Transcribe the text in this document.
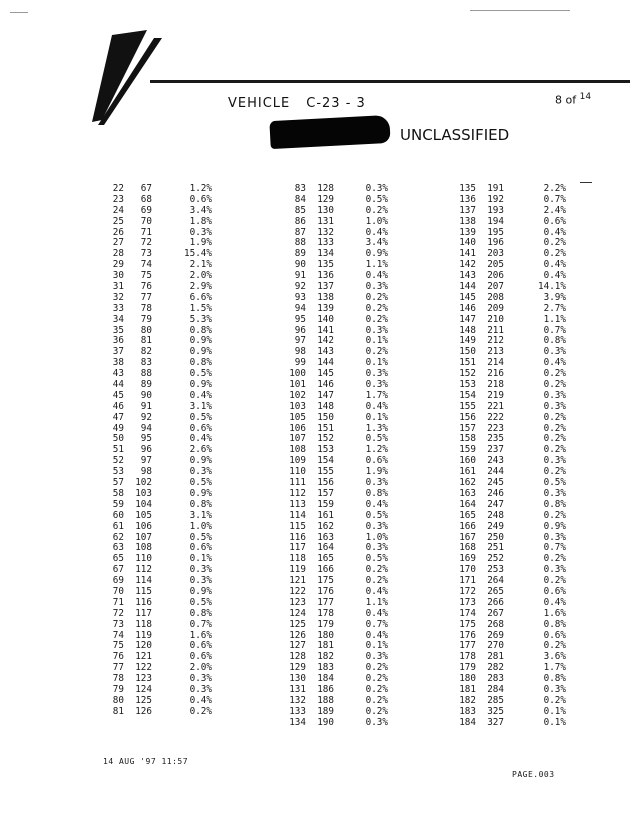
VEHICLE C-23 - 3	8 of $^{14}$
UNCLASSIFIED
22	67	1.2%
23	68	0.6%
24	69	3.4%
25	70	1.8%
26	71	0.3%
27	72	1.9%
28	73	15.4%
29	74	2.1%
30	75	2.0%
31	76	2.9%
32	77	6.6%
33	78	1.5%
34	79	5.3%
35	80	0.8%
36	81	0.9%
37	82	0.9%
38	83	0.8%
43	88	0.5%
44	89	0.9%
45	90	0.4%
46	91	3.1%
47	92	0.5%
49	94	0.6%
50	95	0.4%
51	96	2.6%
52	97	0.9%
53	98	0.3%
57	102	0.5%
58	103	0.9%
59	104	0.8%
60	105	3.1%
61	106	1.0%
62	107	0.5%
63	108	0.6%
65	110	0.1%
67	112	0.3%
69	114	0.3%
70	115	0.9%
71	116	0.5%
72	117	0.8%
73	118	0.7%
74	119	1.6%
75	120	0.6%
76	121	0.6%
77	122	2.0%
78	123	0.3%
79	124	0.3%
80	125	0.4%
81	126	0.2%
83	128	0.3%
84	129	0.5%
85	130	0.2%
86	131	1.0%
87	132	0.4%
88	133	3.4%
89	134	0.9%
90	135	1.1%
91	136	0.4%
92	137	0.3%
93	138	0.2%
94	139	0.2%
95	140	0.2%
96	141	0.3%
97	142	0.1%
98	143	0.2%
99	144	0.1%
100	145	0.3%
101	146	0.3%
102	147	1.7%
103	148	0.4%
105	150	0.1%
106	151	1.3%
107	152	0.5%
108	153	1.2%
109	154	0.6%
110	155	1.9%
111	156	0.3%
112	157	0.8%
113	159	0.4%
114	161	0.5%
115	162	0.3%
116	163	1.0%
117	164	0.3%
118	165	0.5%
119	166	0.2%
121	175	0.2%
122	176	0.4%
123	177	1.1%
124	178	0.4%
125	179	0.7%
126	180	0.4%
127	181	0.1%
128	182	0.3%
129	183	0.2%
130	184	0.2%
131	186	0.2%
132	188	0.2%
133	189	0.2%
134	190	0.3%
135	191	2.2%
136	192	0.7%
137	193	2.4%
138	194	0.6%
139	195	0.4%
140	196	0.2%
141	203	0.2%
142	205	0.4%
143	206	0.4%
144	207	14.1%
145	208	3.9%
146	209	2.7%
147	210	1.1%
148	211	0.7%
149	212	0.8%
150	213	0.3%
151	214	0.4%
152	216	0.2%
153	218	0.2%
154	219	0.3%
155	221	0.3%
156	222	0.2%
157	223	0.2%
158	235	0.2%
159	237	0.2%
160	243	0.3%
161	244	0.2%
162	245	0.5%
163	246	0.3%
164	247	0.8%
165	248	0.2%
166	249	0.9%
167	250	0.3%
168	251	0.7%
169	252	0.2%
170	253	0.3%
171	264	0.2%
172	265	0.6%
173	266	0.4%
174	267	1.6%
175	268	0.8%
176	269	0.6%
177	270	0.2%
178	281	3.6%
179	282	1.7%
180	283	0.8%
181	284	0.3%
182	285	0.2%
183	325	0.1%
184	327	0.1%
14 AUG '97 11:57
PAGE.003
